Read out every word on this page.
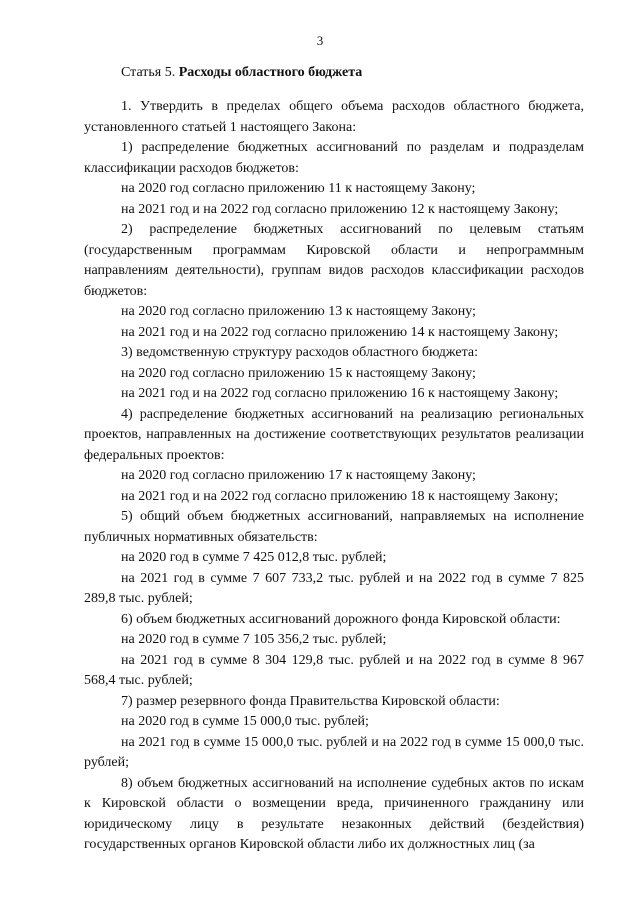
3
Статья 5. Расходы областного бюджета

1. Утвердить в пределах общего объема расходов областного бюджета, установленного статьей 1 настоящего Закона:

1) распределение бюджетных ассигнований по разделам и подразделам классификации расходов бюджетов:

на 2020 год согласно приложению 11 к настоящему Закону;

на 2021 год и на 2022 год согласно приложению 12 к настоящему Закону;

2) распределение бюджетных ассигнований по целевым статьям (государственным программам Кировской области и непрограммным направлениям деятельности), группам видов расходов классификации расходов бюджетов:

на 2020 год согласно приложению 13 к настоящему Закону;

на 2021 год и на 2022 год согласно приложению 14 к настоящему Закону;

3) ведомственную структуру расходов областного бюджета:

на 2020 год согласно приложению 15 к настоящему Закону;

на 2021 год и на 2022 год согласно приложению 16 к настоящему Закону;

4) распределение бюджетных ассигнований на реализацию региональных проектов, направленных на достижение соответствующих результатов реализации федеральных проектов:

на 2020 год согласно приложению 17 к настоящему Закону;

на 2021 год и на 2022 год согласно приложению 18 к настоящему Закону;

5) общий объем бюджетных ассигнований, направляемых на исполнение публичных нормативных обязательств:

на 2020 год в сумме 7 425 012,8 тыс. рублей;

на 2021 год в сумме 7 607 733,2 тыс. рублей и на 2022 год в сумме 7 825 289,8 тыс. рублей;

6) объем бюджетных ассигнований дорожного фонда Кировской области:

на 2020 год в сумме 7 105 356,2 тыс. рублей;

на 2021 год в сумме 8 304 129,8 тыс. рублей и на 2022 год в сумме 8 967 568,4 тыс. рублей;

7) размер резервного фонда Правительства Кировской области:

на 2020 год в сумме 15 000,0 тыс. рублей;

на 2021 год в сумме 15 000,0 тыс. рублей и на 2022 год в сумме 15 000,0 тыс. рублей;

8) объем бюджетных ассигнований на исполнение судебных актов по искам к Кировской области о возмещении вреда, причиненного гражданину или юридическому лицу в результате незаконных действий (бездействия) государственных органов Кировской области либо их должностных лиц (за
